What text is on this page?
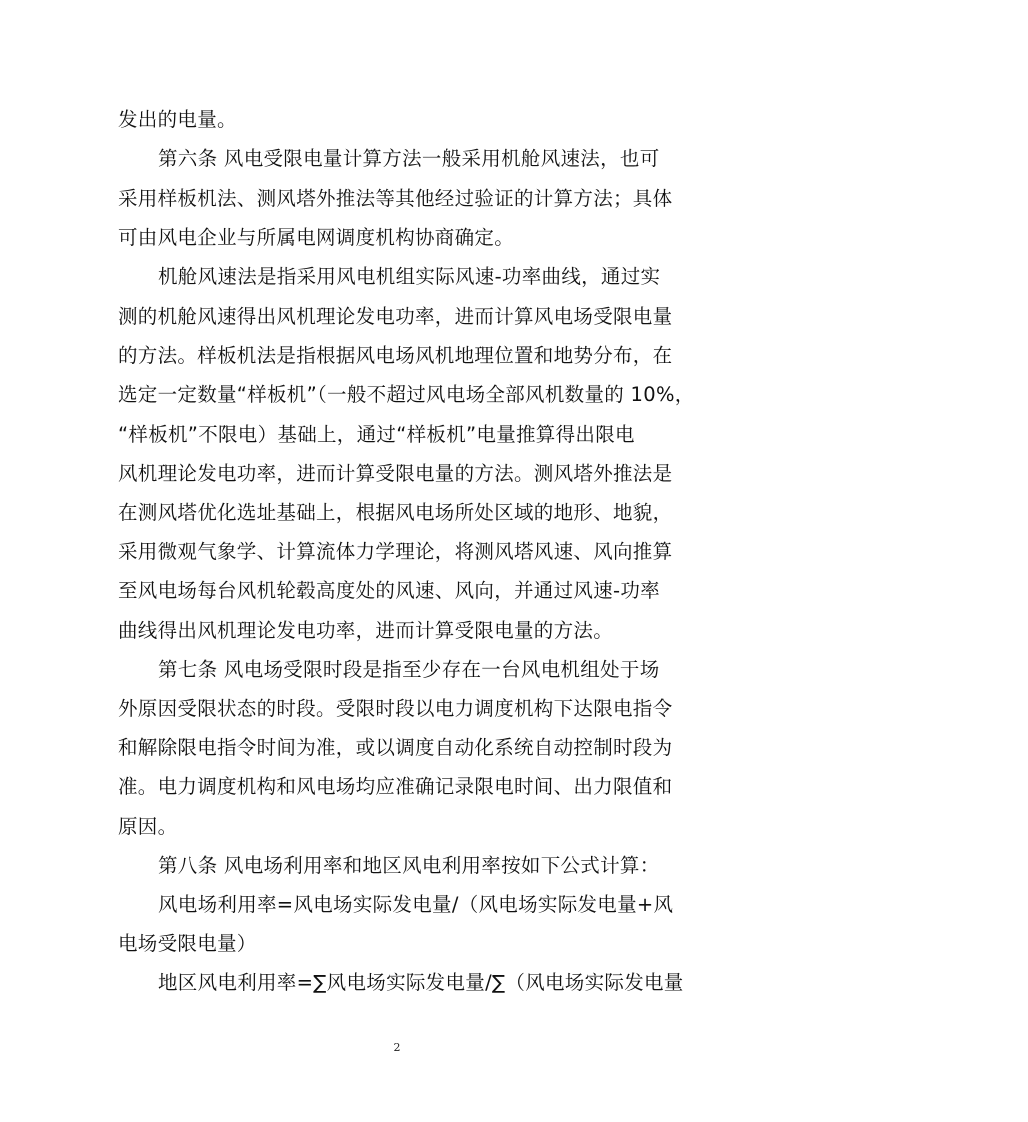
发出的电量。
第六条 风电受限电量计算方法一般采用机舱风速法，也可
采用样板机法、测风塔外推法等其他经过验证的计算方法；具体
可由风电企业与所属电网调度机构协商确定。
机舱风速法是指采用风电机组实际风速-功率曲线，通过实
测的机舱风速得出风机理论发电功率，进而计算风电场受限电量
的方法。样板机法是指根据风电场风机地理位置和地势分布，在
选定一定数量“样板机”（一般不超过风电场全部风机数量的 10%，
“样板机”不限电）基础上，通过“样板机”电量推算得出限电
风机理论发电功率，进而计算受限电量的方法。测风塔外推法是
在测风塔优化选址基础上，根据风电场所处区域的地形、地貌，
采用微观气象学、计算流体力学理论，将测风塔风速、风向推算
至风电场每台风机轮毂高度处的风速、风向，并通过风速-功率
曲线得出风机理论发电功率，进而计算受限电量的方法。
第七条 风电场受限时段是指至少存在一台风电机组处于场
外原因受限状态的时段。受限时段以电力调度机构下达限电指令
和解除限电指令时间为准，或以调度自动化系统自动控制时段为
准。电力调度机构和风电场均应准确记录限电时间、出力限值和
原因。
第八条 风电场利用率和地区风电利用率按如下公式计算：
风电场利用率=风电场实际发电量/（风电场实际发电量+风
电场受限电量）
地区风电利用率=∑风电场实际发电量/∑（风电场实际发电量
2
